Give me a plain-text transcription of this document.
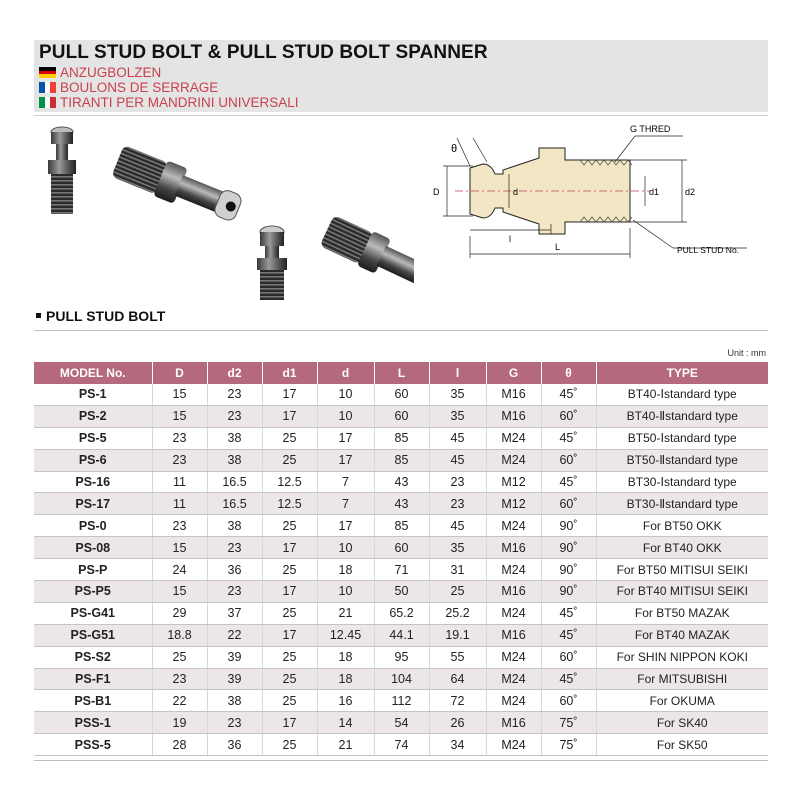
PULL STUD BOLT & PULL STUD BOLT SPANNER
ANZUGBOLZEN
BOULONS DE SERRAGE
TIRANTI PER MANDRINI UNIVERSALI
G THRED
θ
D	d	d1	d2
l
L	PULL STUD No.
PULL STUD BOLT
Unit : mm
MODEL No.	D	d2	d1	d	L	l	G	θ	TYPE
PS-1	15	23	17	10	60	35	M16	45˚	BT40-Ⅰstandard type
PS-2	15	23	17	10	60	35	M16	60˚	BT40-Ⅱstandard type
PS-5	23	38	25	17	85	45	M24	45˚	BT50-Ⅰstandard type
PS-6	23	38	25	17	85	45	M24	60˚	BT50-Ⅱstandard type
PS-16	11	16.5	12.5	7	43	23	M12	45˚	BT30-Ⅰstandard type
PS-17	11	16.5	12.5	7	43	23	M12	60˚	BT30-Ⅱstandard type
PS-0	23	38	25	17	85	45	M24	90˚	For BT50 OKK
PS-08	15	23	17	10	60	35	M16	90˚	For BT40 OKK
PS-P	24	36	25	18	71	31	M24	90˚	For BT50 MITISUI SEIKI
PS-P5	15	23	17	10	50	25	M16	90˚	For BT40 MITISUI SEIKI
PS-G41	29	37	25	21	65.2	25.2	M24	45˚	For BT50 MAZAK
PS-G51	18.8	22	17	12.45	44.1	19.1	M16	45˚	For BT40 MAZAK
PS-S2	25	39	25	18	95	55	M24	60˚	For SHIN NIPPON KOKI
PS-F1	23	39	25	18	104	64	M24	45˚	For MITSUBISHI
PS-B1	22	38	25	16	112	72	M24	60˚	For OKUMA
PSS-1	19	23	17	14	54	26	M16	75˚	For SK40
PSS-5	28	36	25	21	74	34	M24	75˚	For SK50
